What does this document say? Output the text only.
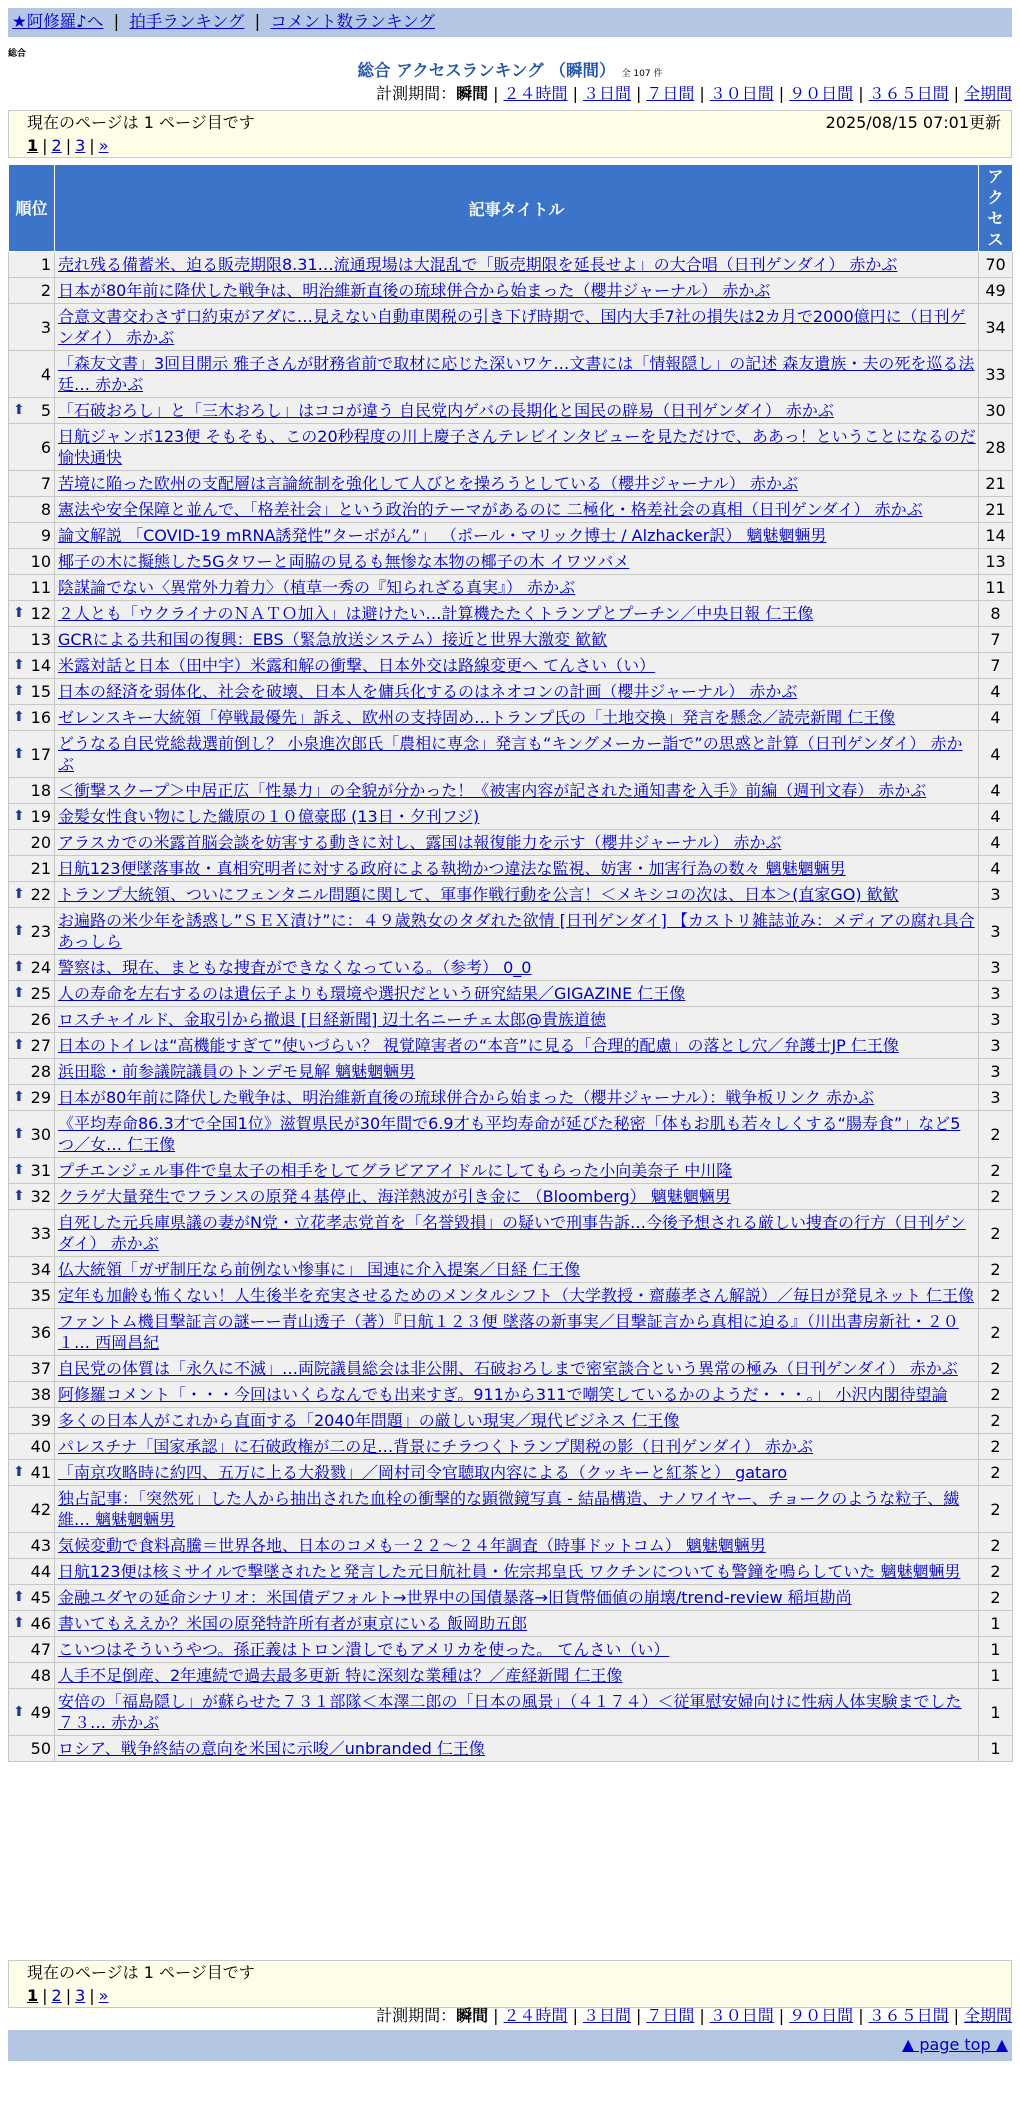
★阿修羅♪へ | 拍手ランキング | コメント数ランキング
総合
総合 アクセスランキング （瞬間） 全 107 件
計測期間：瞬間 | ２４時間 | ３日間 | ７日間 | ３０日間 | ９０日間 | ３６５日間 | 全期間
現在のページは 1 ページ目です	2025/08/15 07:01更新
1 | 2 | 3 | »
順位	記事タイトル	アクセス
1	売れ残る備蓄米、迫る販売期限8.31…流通現場は大混乱で「販売期限を延長せよ」の大合唱（日刊ゲンダイ） 赤かぶ	70
2	日本が80年前に降伏した戦争は、明治維新直後の琉球併合から始まった（櫻井ジャーナル） 赤かぶ	49
3	合意文書交わさず口約束がアダに…見えない自動車関税の引き下げ時期で、国内大手7社の損失は2カ月で2000億円に（日刊ゲンダイ） 赤かぶ	34
4	「森友文書」3回目開示 雅子さんが財務省前で取材に応じた深いワケ…文書には「情報隠し」の記述 森友遺族・夫の死を巡る法廷… 赤かぶ	33

⬆ 5	「石破おろし」と「三木おろし」はココが違う 自民党内ゲバの長期化と国民の辟易（日刊ゲンダイ） 赤かぶ	30
6	日航ジャンボ123便 そもそも、この20秒程度の川上慶子さんテレビインタビューを見ただけで、ああっ！ということになるのだ 愉快通快	28
7	苦境に陥った欧州の支配層は言論統制を強化して人びとを操ろうとしている（櫻井ジャーナル） 赤かぶ	21
8	憲法や安全保障と並んで、「格差社会」という政治的テーマがあるのに 二極化・格差社会の真相（日刊ゲンダイ） 赤かぶ	21
9	論文解説 「COVID-19 mRNA誘発性”ターボがん”」 （ポール・マリック博士 / Alzhacker訳） 魑魅魍魎男	14
10	椰子の木に擬態した5Gタワーと両脇の見るも無惨な本物の椰子の木 イワツバメ	13
11	陰謀論でない〈異常外力着力〉（植草一秀の『知られざる真実』） 赤かぶ	11

⬆ 12	２人とも「ウクライナのＮＡＴＯ加入」は避けたい…計算機たたくトランプとプーチン／中央日報 仁王像	8
13	GCRによる共和国の復興：EBS（緊急放送システム）接近と世界大激変 歓歓	7

⬆ 14	米露対話と日本（田中宇）米露和解の衝撃、日本外交は路線変更へ てんさい（い）	7

⬆ 15	日本の経済を弱体化、社会を破壊、日本人を傭兵化するのはネオコンの計画（櫻井ジャーナル） 赤かぶ	4

⬆ 16	ゼレンスキー大統領「停戦最優先」訴え、欧州の支持固め…トランプ氏の「土地交換」発言を懸念／読売新聞 仁王像	4

⬆ 17	どうなる自民党総裁選前倒し？ 小泉進次郎氏「農相に専念」発言も“キングメーカー詣で”の思惑と計算（日刊ゲンダイ） 赤かぶ	4
18	＜衝撃スクープ＞中居正広「性暴力」の全貌が分かった！《被害内容が記された通知書を入手》前編（週刊文春） 赤かぶ	4

⬆ 19	金髪女性食い物にした織原の１０億豪邸 (13日・夕刊フジ)	4
20	アラスカでの米露首脳会談を妨害する動きに対し、露国は報復能力を示す（櫻井ジャーナル） 赤かぶ	4
21	日航123便墜落事故・真相究明者に対する政府による執拗かつ違法な監視、妨害・加害行為の数々 魑魅魍魎男	4

⬆ 22	トランプ大統領、ついにフェンタニル問題に関して、軍事作戦行動を公言！＜メキシコの次は、日本＞(直家GO) 歓歓	3

⬆ 23	お遍路の米少年を誘惑し”ＳＥＸ漬け”に：４９歳熟女のタダれた欲情 [日刊ゲンダイ] 【カストリ雑誌並み：メディアの腐れ具合 あっしら	3

⬆ 24	警察は、現在、まともな捜査ができなくなっている。（参考） 0_0	3

⬆ 25	人の寿命を左右するのは遺伝子よりも環境や選択だという研究結果／GIGAZINE 仁王像	3
26	ロスチャイルド、金取引から撤退 [日経新聞] 辺土名ニーチェ太郎@貴族道徳	3

⬆ 27	日本のトイレは“高機能すぎて”使いづらい？ 視覚障害者の“本音”に見る「合理的配慮」の落とし穴／弁護士JP 仁王像	3
28	浜田聡・前参議院議員のトンデモ見解 魑魅魍魎男	3

⬆ 29	日本が80年前に降伏した戦争は、明治維新直後の琉球併合から始まった（櫻井ジャーナル）：戦争板リンク 赤かぶ	3

⬆ 30	《平均寿命86.3才で全国1位》滋賀県民が30年間で6.9才も平均寿命が延びた秘密「体もお肌も若々しくする“腸寿食”」など5つ／女… 仁王像	2

⬆ 31	プチエンジェル事件で皇太子の相手をしてグラビアアイドルにしてもらった小向美奈子 中川隆	2

⬆ 32	クラゲ大量発生でフランスの原発４基停止、海洋熱波が引き金に （Bloomberg） 魑魅魍魎男	2
33	自死した元兵庫県議の妻がN党・立花孝志党首を「名誉毀損」の疑いで刑事告訴…今後予想される厳しい捜査の行方（日刊ゲンダイ） 赤かぶ	2
34	仏大統領「ガザ制圧なら前例ない惨事に」 国連に介入提案／日経 仁王像	2
35	定年も加齢も怖くない！人生後半を充実させるためのメンタルシフト（大学教授・齋藤孝さん解説）／毎日が発見ネット 仁王像	2
36	ファントム機目撃証言の謎ーー青山透子（著）『日航１２３便 墜落の新事実／目撃証言から真相に迫る』（川出書房新社・２０１… 西岡昌紀	2
37	自民党の体質は「永久に不滅」…両院議員総会は非公開、石破おろしまで密室談合という異常の極み（日刊ゲンダイ） 赤かぶ	2
38	阿修羅コメント「・・・今回はいくらなんでも出来すぎ。911から311で嘲笑しているかのようだ・・・。」 小沢内閣待望論	2
39	多くの日本人がこれから直面する「2040年問題」の厳しい現実／現代ビジネス 仁王像	2
40	パレスチナ「国家承認」に石破政権が二の足…背景にチラつくトランプ関税の影（日刊ゲンダイ） 赤かぶ	2

⬆ 41	「南京攻略時に約四、五万に上る大殺戮」／岡村司令官聴取内容による（クッキーと紅茶と） gataro	2
42	独占記事：「突然死」した人から抽出された血栓の衝撃的な顕微鏡写真 - 結晶構造、ナノワイヤー、チョークのような粒子、繊維… 魑魅魍魎男	2
43	気候変動で食料高騰＝世界各地、日本のコメも一２２～２４年調査（時事ドットコム） 魑魅魍魎男	2
44	日航123便は核ミサイルで撃墜されたと発言した元日航社員・佐宗邦皇氏 ワクチンについても警鐘を鳴らしていた 魑魅魍魎男	2

⬆ 45	金融ユダヤの延命シナリオ：米国債デフォルト→世界中の国債暴落→旧貨幣価値の崩壊/trend-review 稲垣勘尚	2

⬆ 46	書いてもええか？米国の原発特許所有者が東京にいる 飯岡助五郎	1
47	こいつはそういうやつ。孫正義はトロン潰しでもアメリカを使った。 てんさい（い）	1
48	人手不足倒産、2年連続で過去最多更新 特に深刻な業種は？／産経新聞 仁王像	1

⬆ 49	安倍の「福島隠し」が蘇らせた７３１部隊＜本澤二郎の「日本の風景」（４１７４）＜従軍慰安婦向けに性病人体実験までした７３… 赤かぶ	1
50	ロシア、戦争終結の意向を米国に示唆／unbranded 仁王像	1
現在のページは 1 ページ目です
1 | 2 | 3 | »
計測期間：瞬間 | ２４時間 | ３日間 | ７日間 | ３０日間 | ９０日間 | ３６５日間 | 全期間
▲ page top ▲
